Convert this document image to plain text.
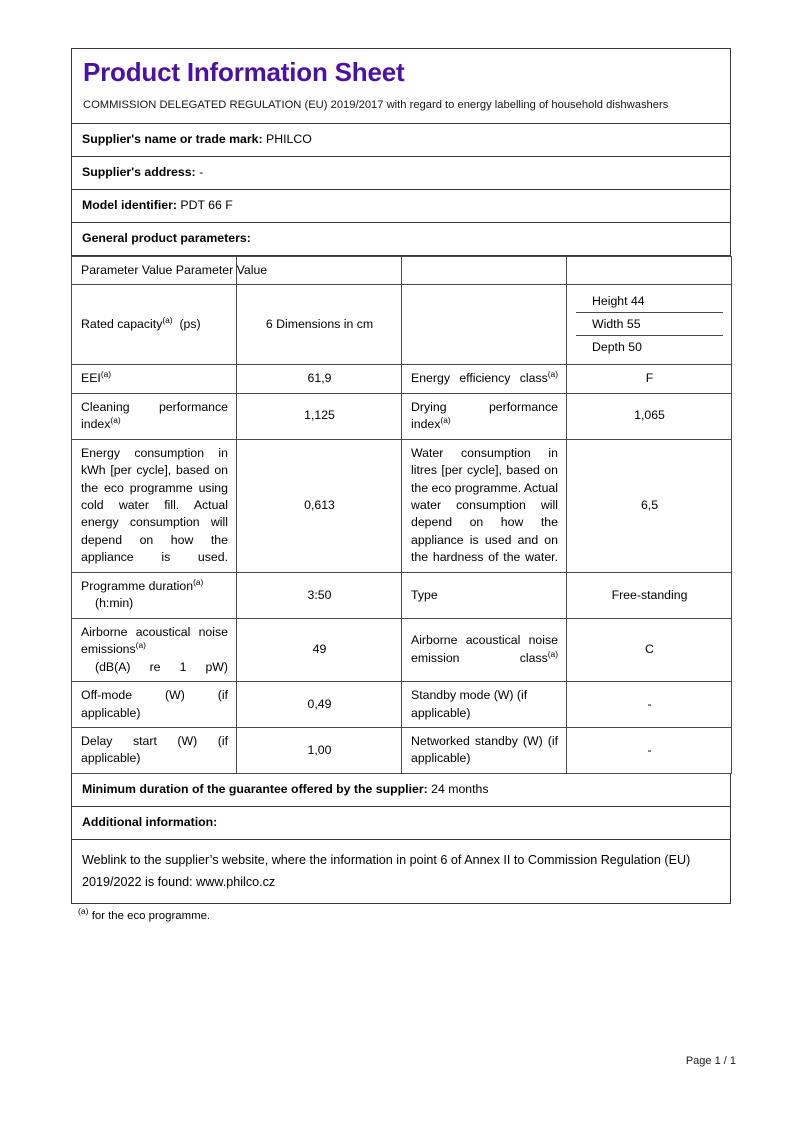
Product Information Sheet
COMMISSION DELEGATED REGULATION (EU) 2019/2017 with regard to energy labelling of household dishwashers
Supplier's name or trade mark: PHILCO
Supplier's address: -
Model identifier: PDT 66 F
General product parameters:
Parameter Value Parameter Value			
Rated capacity$^{(a)}$ (ps)	6 Dimensions in cm		Height 44
Width 55
Depth 50

EEI$^{(a)}$	61,9	Energy efficiency class$^{(a)}$	F
Cleaning performance index$^{(a)}$	1,125	Drying performance index$^{(a)}$	1,065
Energy consumption in kWh [per cycle], based on the eco programme using cold water fill. Actual energy consumption will depend on how the appliance is used.	0,613	Water consumption in litres [per cycle], based on the eco programme. Actual water consumption will depend on how the appliance is used and on the hardness of the water.	6,5
Programme duration$^{(a)}$
(h:min)	3:50	Type	Free-standing
Airborne acoustical noise emissions$^{(a)}$
(dB(A) re 1 pW)	49	Airborne acoustical noise emission class$^{(a)}$	C
Off-mode (W) (if applicable)	0,49	Standby mode (W) (if applicable)	-
Delay start (W) (if applicable)	1,00	Networked standby (W) (if applicable)	-
Minimum duration of the guarantee offered by the supplier: 24 months
Additional information:
Weblink to the supplier’s website, where the information in point 6 of Annex II to Commission Regulation (EU) 2019/2022 is found: www.philco.cz
$^{(a)}$ for the eco programme.
Page 1 / 1
